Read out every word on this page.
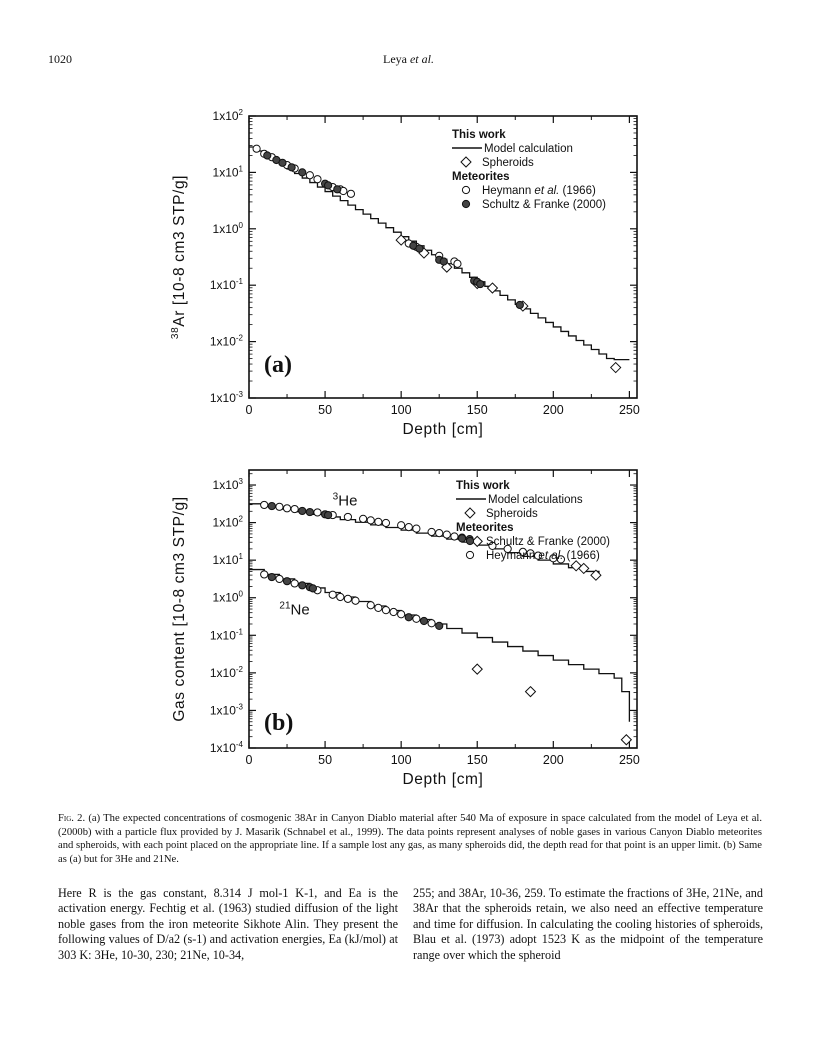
1020	Leya et al.
0	50	100	150	200	250
$1x10^{-3}$
$1x10^{-2}$
$1x10^{-1}$
$1x10^0$
$1x10^1$
$1x10^2$
Depth [cm]
$^{38}$Ar [10-8 cm3 STP/g]
(a)
This work
Model calculation
Spheroids
Meteorites
Heymann et al. (1966)
Schultz & Franke (2000)
0	50	100	150	200	250
$1x10^{-4}$
$1x10^{-3}$
$1x10^{-2}$
$1x10^{-1}$
$1x10^0$
$1x10^1$
$1x10^2$
$1x10^3$
Depth [cm]
Gas content [10-8 cm3 STP/g]
(b)
$^3$He
$^{21}$Ne
This work
Model calculations
Spheroids
Meteorites
Schultz & Franke (2000)
Heymann et al. (1966)
Fig. 2. (a) The expected concentrations of cosmogenic 38Ar in Canyon Diablo material after 540 Ma of exposure in space calculated from the model of Leya et al. (2000b) with a particle flux provided by J. Masarik (Schnabel et al., 1999). The data points represent analyses of noble gases in various Canyon Diablo meteorites and spheroids, with each point placed on the appropriate line. If a sample lost any gas, as many spheroids did, the depth read for that point is an upper limit. (b) Same as (a) but for 3He and 21Ne.
Here R is the gas constant, 8.314 J mol-1 K-1, and Ea is the activation energy. Fechtig et al. (1963) studied diffusion of the light noble gases from the iron meteorite Sikhote Alin. They present the following values of D/a2 (s-1) and activation energies, Ea (kJ/mol) at 303 K: 3He, 10-30, 230; 21Ne, 10-34,
255; and 38Ar, 10-36, 259. To estimate the fractions of 3He, 21Ne, and 38Ar that the spheroids retain, we also need an effective temperature and time for diffusion. In calculating the cooling histories of spheroids, Blau et al. (1973) adopt 1523 K as the midpoint of the temperature range over which the spheroid
